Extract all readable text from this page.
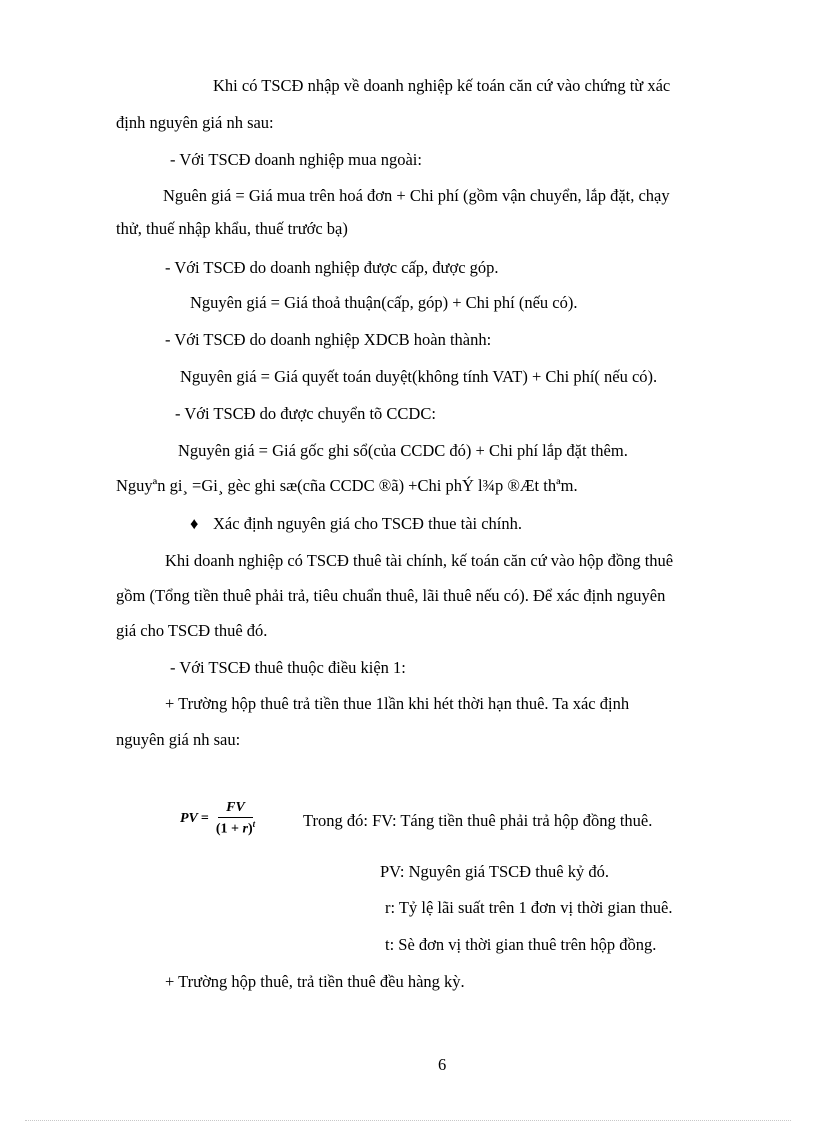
Khi có TSCĐ nhập về doanh nghiệp kế toán căn cứ vào chứng từ xác
định nguyên giá nh sau:
- Với TSCĐ doanh nghiệp mua ngoài:
Nguên giá = Giá mua trên hoá đơn + Chi phí (gồm vận chuyển, lắp đặt, chạy
thử, thuế nhập khẩu, thuế trước bạ)
- Với TSCĐ do doanh nghiệp được cấp, được góp.
Nguyên giá = Giá thoả thuận(cấp, góp) + Chi phí (nếu có).
- Với TSCĐ do doanh nghiệp XDCB hoàn thành:
Nguyên giá = Giá quyết toán duyệt(không tính VAT) + Chi phí( nếu có).
- Với TSCĐ do được chuyển tõ CCDC:
Nguyên giá = Giá gốc ghi sổ(của CCDC đó) + Chi phí lắp đặt thêm.
Nguyªn gi¸ =Gi¸ gèc ghi sæ(cña CCDC ®ã) +Chi phÝ l¾p ®Æt thªm.
♦ Xác định nguyên giá cho TSCĐ thue tài chính.
Khi doanh nghiệp có TSCĐ thuê tài chính, kế toán căn cứ vào hộp đồng thuê
gồm (Tổng tiền thuê phải trả, tiêu chuẩn thuê, lãi thuê nếu có). Để xác định nguyên
giá cho TSCĐ thuê đó.
- Với TSCĐ thuê thuộc điều kiện 1:
+ Trường hộp thuê trả tiền thue 1lần khi hét thời hạn thuê. Ta xác định
nguyên giá nh sau:
PV = $\frac{FV}{(1 + r)^t}$	Trong đó: FV: Táng tiền thuê phải trả hộp đồng thuê.
PV: Nguyên giá TSCĐ thuê kỷ đó.
r: Tỷ lệ lãi suất trên 1 đơn vị thời gian thuê.
t: Sè đơn vị thời gian thuê trên hộp đồng.
+ Trường hộp thuê, trả tiền thuê đều hàng kỳ.
6
